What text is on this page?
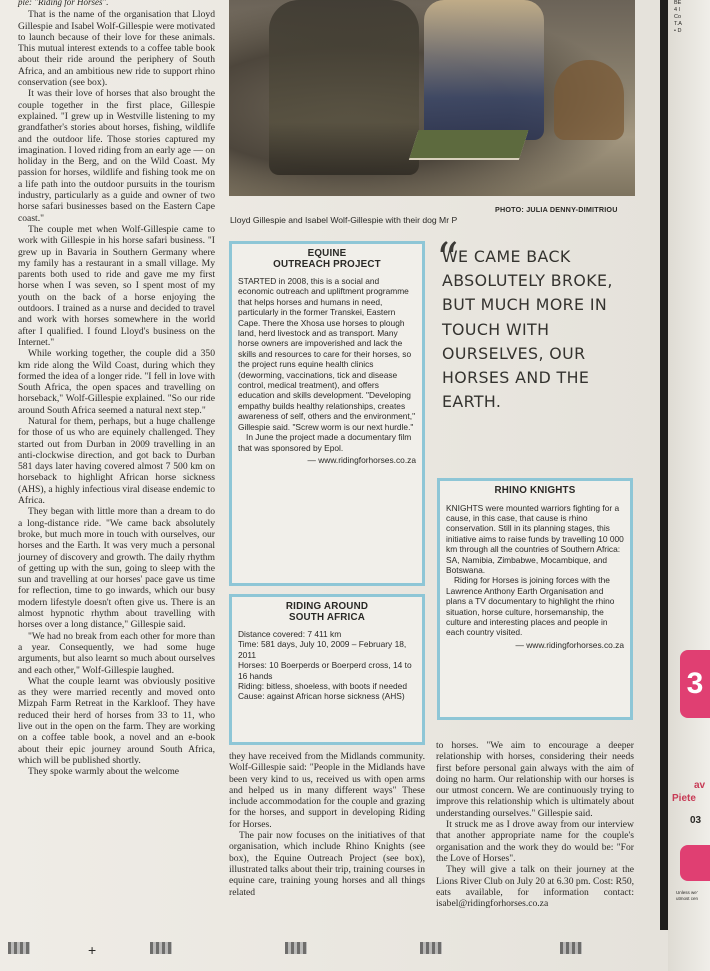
ple: "Riding for Horses".

That is the name of the organisation that Lloyd Gillespie and Isabel Wolf-Gillespie were motivated to launch because of their love for these animals. This mutual interest extends to a coffee table book about their ride around the periphery of South Africa, and an ambitious new ride to support rhino conservation (see box).

It was their love of horses that also brought the couple together in the first place, Gillespie explained. "I grew up in Westville listening to my grandfather's stories about horses, fishing, wildlife and the outdoor life. Those stories captured my imagination. I loved riding from an early age — on holiday in the Berg, and on the Wild Coast. My passion for horses, wildlife and fishing took me on a life path into the outdoor pursuits in the tourism industry, particularly as a guide and owner of two horse safari businesses based on the Eastern Cape coast."

The couple met when Wolf-Gillespie came to work with Gillespie in his horse safari business. "I grew up in Bavaria in Southern Germany where my family has a restaurant in a small village. My parents both used to ride and gave me my first horse when I was seven, so I spent most of my youth on the back of a horse enjoying the outdoors. I trained as a nurse and decided to travel and work with horses somewhere in the world after I qualified. I found Lloyd's business on the Internet."

While working together, the couple did a 350 km ride along the Wild Coast, during which they formed the idea of a longer ride. "I fell in love with South Africa, the open spaces and travelling on horseback," Wolf-Gillespie explained. "So our ride around South Africa seemed a natural next step."

Natural for them, perhaps, but a huge challenge for those of us who are equinely challenged. They started out from Durban in 2009 travelling in an anti-clockwise direction, and got back to Durban 581 days later having covered almost 7 500 km on horseback to highlight African horse sickness (AHS), a highly infectious viral disease endemic to Africa.

They began with little more than a dream to do a long-distance ride. "We came back absolutely broke, but much more in touch with ourselves, our horses and the Earth. It was very much a personal journey of discovery and growth. The daily rhythm of getting up with the sun, going to sleep with the sun and travelling at our horses' pace gave us time for reflection, time to go inwards, which our busy modern lifestyle doesn't often give us. There is an almost hypnotic rhythm about travelling with horses over a long distance," Gillespie said.

"We had no break from each other for more than a year. Consequently, we had some huge arguments, but also learnt so much about ourselves and each other," Wolf-Gillespie laughed.

What the couple learnt was obviously positive as they were married recently and moved onto Mizpah Farm Retreat in the Karkloof. They have reduced their herd of horses from 33 to 11, who live out in the open on the farm. They are working on a coffee table book, a novel and an e-book about their epic journey around South Africa, which will be published shortly.

They spoke warmly about the welcome

PHOTO: JULIA DENNY-DIMITRIOU
Lloyd Gillespie and Isabel Wolf-Gillespie with their dog Mr P
EQUINE
OUTREACH PROJECT

STARTED in 2008, this is a social and economic outreach and upliftment programme that helps horses and humans in need, particularly in the former Transkei, Eastern Cape. There the Xhosa use horses to plough land, herd livestock and as transport. Many horse owners are impoverished and lack the skills and resources to care for their horses, so the project runs equine health clinics (deworming, vaccinations, tick and disease control, medical treatment), and offers education and skills development. "Developing empathy builds healthy relationships, creates awareness of self, others and the environment," Gillespie said. "Screw worm is our next hurdle."

In June the project made a documentary film that was sponsored by Epol.

— www.ridingforhorses.co.za
RIDING AROUND
SOUTH AFRICA

Distance covered: 7 411 km

Time: 581 days, July 10, 2009 – February 18, 2011

Horses: 10 Boerperds or Boerperd cross, 14 to 16 hands

Riding: bitless, shoeless, with boots if needed

Cause: against African horse sickness (AHS)

“
WE CAME BACK ABSOLUTELY BROKE, BUT MUCH MORE IN TOUCH WITH OURSELVES, OUR HORSES AND THE EARTH.
RHINO KNIGHTS

KNIGHTS were mounted warriors fighting for a cause, in this case, that cause is rhino conservation. Still in its planning stages, this initiative aims to raise funds by travelling 10 000 km through all the countries of Southern Africa: SA, Namibia, Zimbabwe, Mocambique, and Botswana.

Riding for Horses is joining forces with the Lawrence Anthony Earth Organisation and plans a TV documentary to highlight the rhino situation, horse culture, horsemanship, the culture and interesting places and people in each country visited.

— www.ridingforhorses.co.za

they have received from the Midlands community. Wolf-Gillespie said: "People in the Midlands have been very kind to us, received us with open arms and helped us in many different ways" These include accommodation for the couple and grazing for the horses, and support in developing Riding for Horses.

The pair now focuses on the initiatives of that organisation, which include Rhino Knights (see box), the Equine Outreach Project (see box), illustrated talks about their trip, training courses in equine care, training young horses and all things related

to horses. "We aim to encourage a deeper relationship with horses, considering their needs first before personal gain always with the aim of doing no harm. Our relationship with our horses is our utmost concern. We are continuously trying to improve this relationship which is ultimately about understanding ourselves." Gillespie said.

It struck me as I drove away from our interview that another appropriate name for the couple's organisation and the work they do would be: "For the Love of Horses".

They will give a talk on their journey at the Lions River Club on July 20 at 6.30 pm. Cost: R50, eats available, for information contact: isabel@ridingforhorses.co.za

BE
4 l
Co
T.A
• D
3
av
Piete
03
Unless we’ utmost cen
+
